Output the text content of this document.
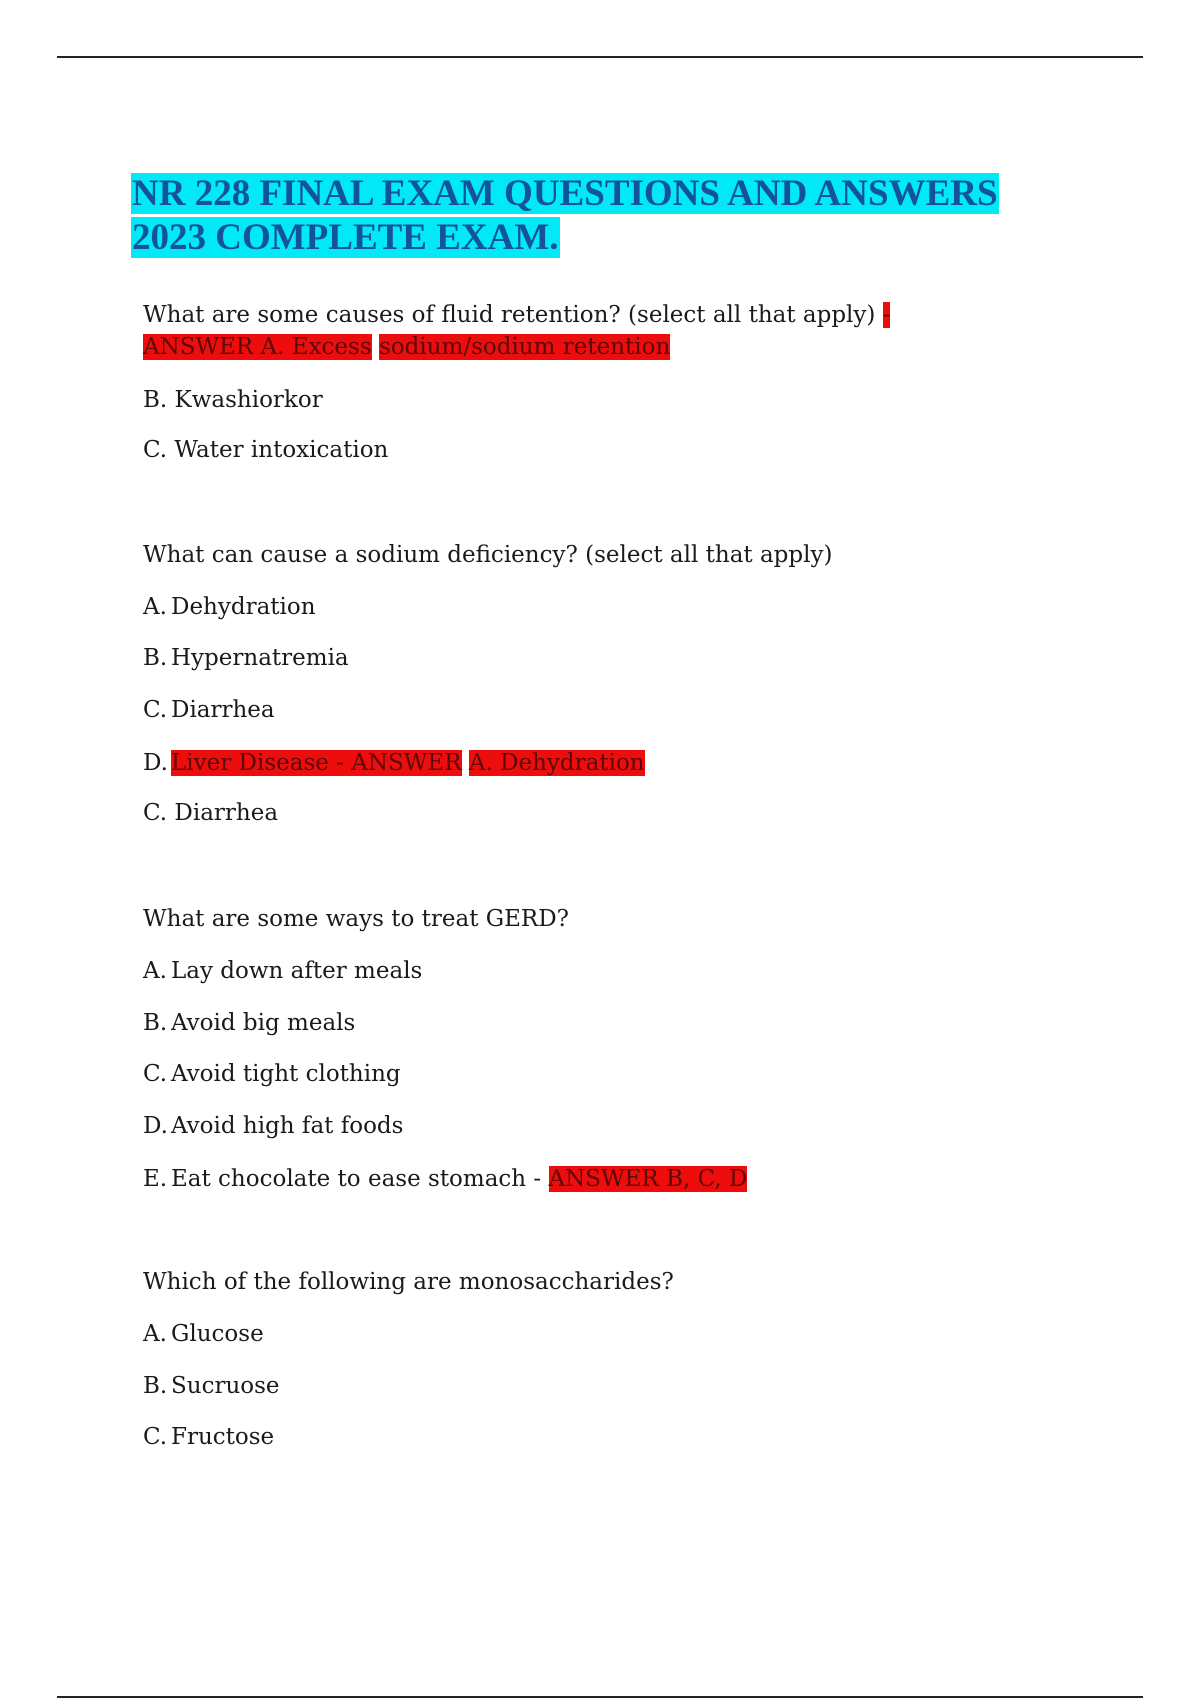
NR 228 FINAL EXAM QUESTIONS AND ANSWERS
2023 COMPLETE EXAM.

What are some causes of fluid retention? (select all that apply) -

ANSWER A. Excess sodium/sodium retention

B. Kwashiorkor

C. Water intoxication

What can cause a sodium deficiency? (select all that apply)

A. Dehydration

B. Hypernatremia

C. Diarrhea

D. Liver Disease - ANSWER A. Dehydration

C. Diarrhea

What are some ways to treat GERD?

A. Lay down after meals

B. Avoid big meals

C. Avoid tight clothing

D. Avoid high fat foods

E. Eat chocolate to ease stomach - ANSWER B, C, D

Which of the following are monosaccharides?

A. Glucose

B. Sucruose

C. Fructose
